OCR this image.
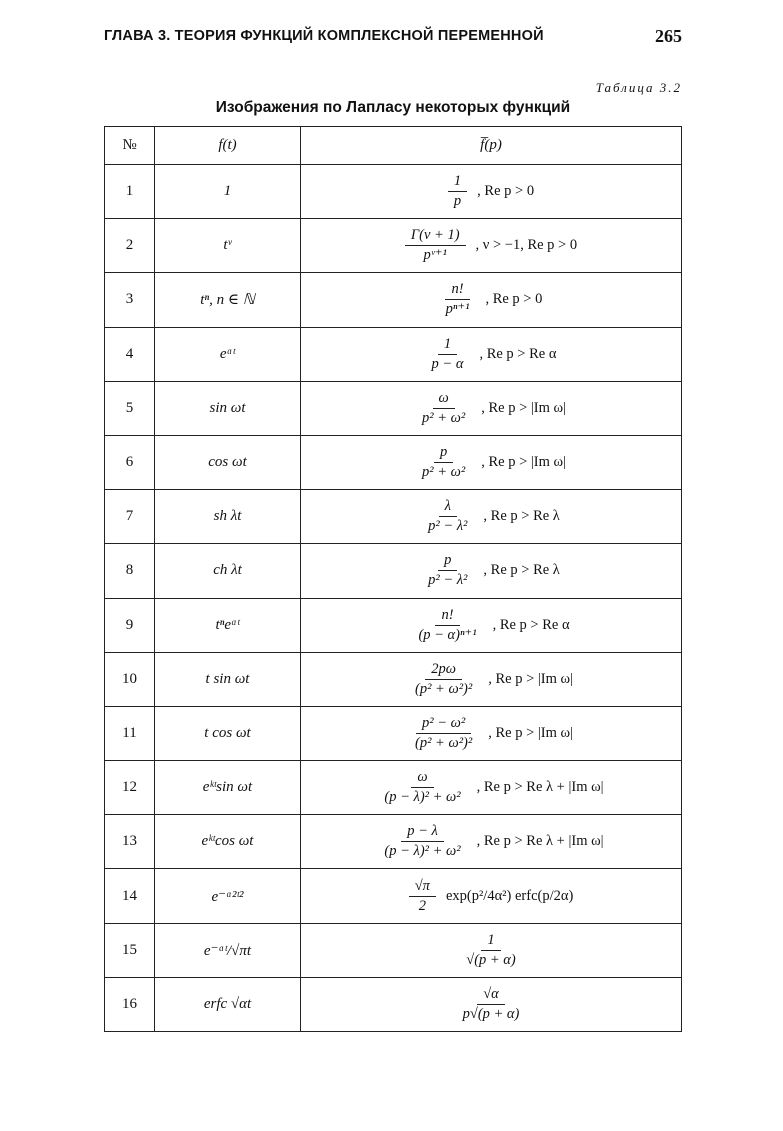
ГЛАВА 3. ТЕОРИЯ ФУНКЦИЙ КОМПЛЕКСНОЙ ПЕРЕМЕННОЙ	265
Таблица 3.2
Изображения по Лапласу некоторых функций
№	f(t)	f̅(p)
1	1	$\frac{1}{p}$ , Re p > 0

2	tᵛ	$\frac{\Gamma(\nu + 1)}{\text{pᵛ⁺¹}}$ , ν > −1, Re p > 0

3	tⁿ, n ∈ ℕ	$\frac{n!}{\text{pⁿ⁺¹}}$ , Re p > 0

4	eᵅᵗ	$\frac{1}{p - \alpha}$ , Re p > Re α

5	sin ωt	$\frac{\omega}{\text{p² + ω²}}$ , Re p > |Im ω|

6	cos ωt	$\frac{p}{\text{p² + ω²}}$ , Re p > |Im ω|

7	sh λt	$\frac{\lambda}{\text{p² − λ²}}$ , Re p > Re λ

8	ch λt	$\frac{p}{\text{p² − λ²}}$ , Re p > Re λ

9	tⁿeᵅᵗ	$\frac{n!}{\text{(p − α)ⁿ⁺¹}}$ , Re p > Re α

10	t sin ωt	$\frac{2p\omega}{\text{(p² + ω²)²}}$ , Re p > |Im ω|

11	t cos ωt	$\frac{\text{p² − ω²}}{\text{(p² + ω²)²}}$ , Re p > |Im ω|

12	eᵏᵗsin ωt	$\frac{\omega}{\text{(p − λ)² + ω²}}$ , Re p > Re λ + |Im ω|

13	eᵏᵗcos ωt	$\frac{p - \lambda}{\text{(p − λ)² + ω²}}$ , Re p > Re λ + |Im ω|

14	e⁻ᵅ²ᵗ²	$\frac{√\pi}{2} \exp(p^2/4\alpha^2)$ erfc(p/2α)

15	e⁻ᵅᵗ/√πt	$\frac{1}{√(p + \alpha)}$

16	erfc √αt	$\frac{√\alpha}{p√(p + \alpha)}$
